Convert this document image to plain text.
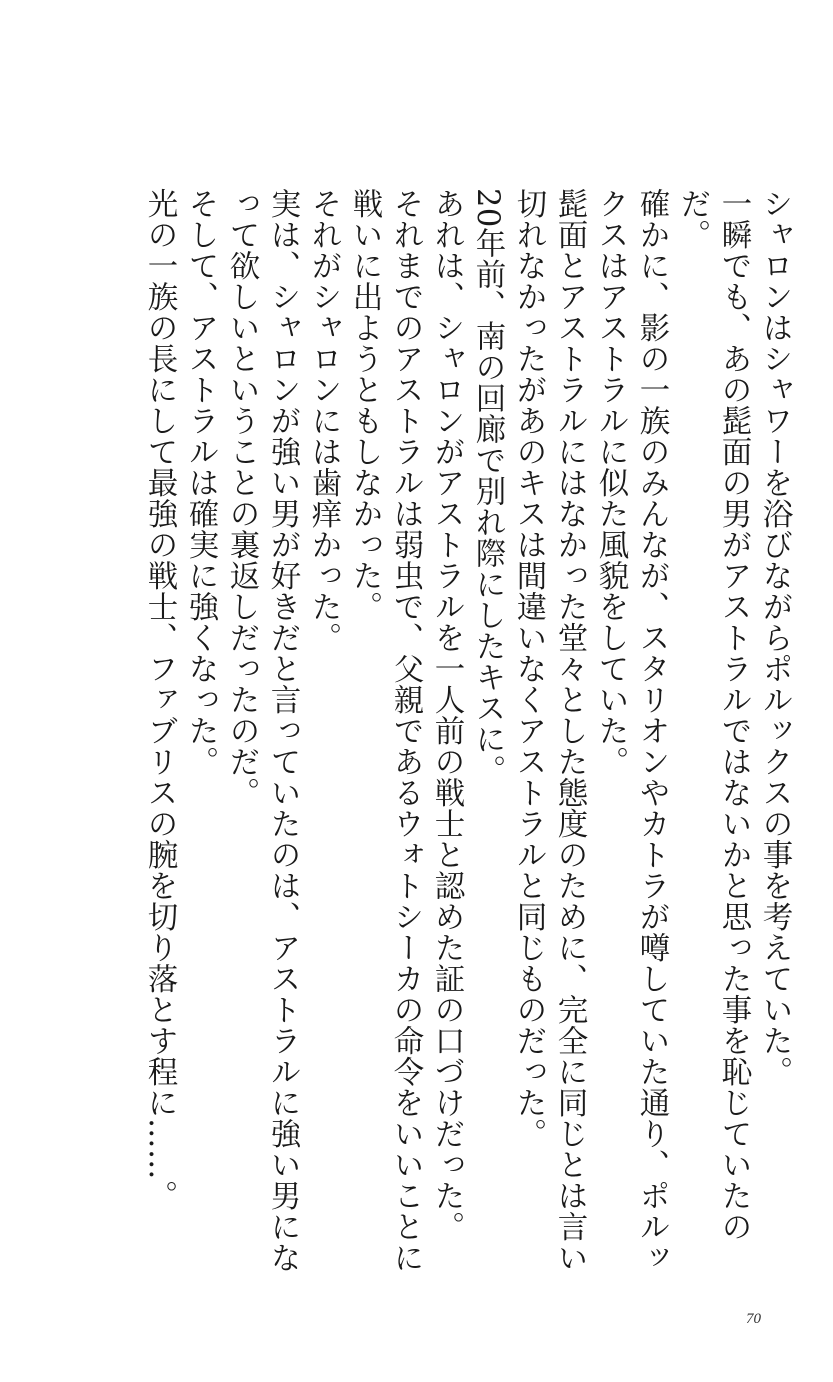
シャロンはシャワーを浴びながらポルックスの事を考えていた。

一瞬でも、あの髭面の男がアストラルではないかと思った事を恥じていたのだ。

確かに、影の一族のみんなが、スタリオンやカトラが噂していた通り、ポルックスはアストラルに似た風貌をしていた。

髭面とアストラルにはなかった堂々とした態度のために、完全に同じとは言い切れなかったがあのキスは間違いなくアストラルと同じものだった。

20年前、南の回廊で別れ際にしたキスに。

あれは、シャロンがアストラルを一人前の戦士と認めた証の口づけだった。

それまでのアストラルは弱虫で、父親であるウォトシーカの命令をいいことに戦いに出ようともしなかった。

それがシャロンには歯痒かった。

実は、シャロンが強い男が好きだと言っていたのは、アストラルに強い男になって欲しいということの裏返しだったのだ。

そして、アストラルは確実に強くなった。

光の一族の長にして最強の戦士、ファブリスの腕を切り落とす程に……。

70
